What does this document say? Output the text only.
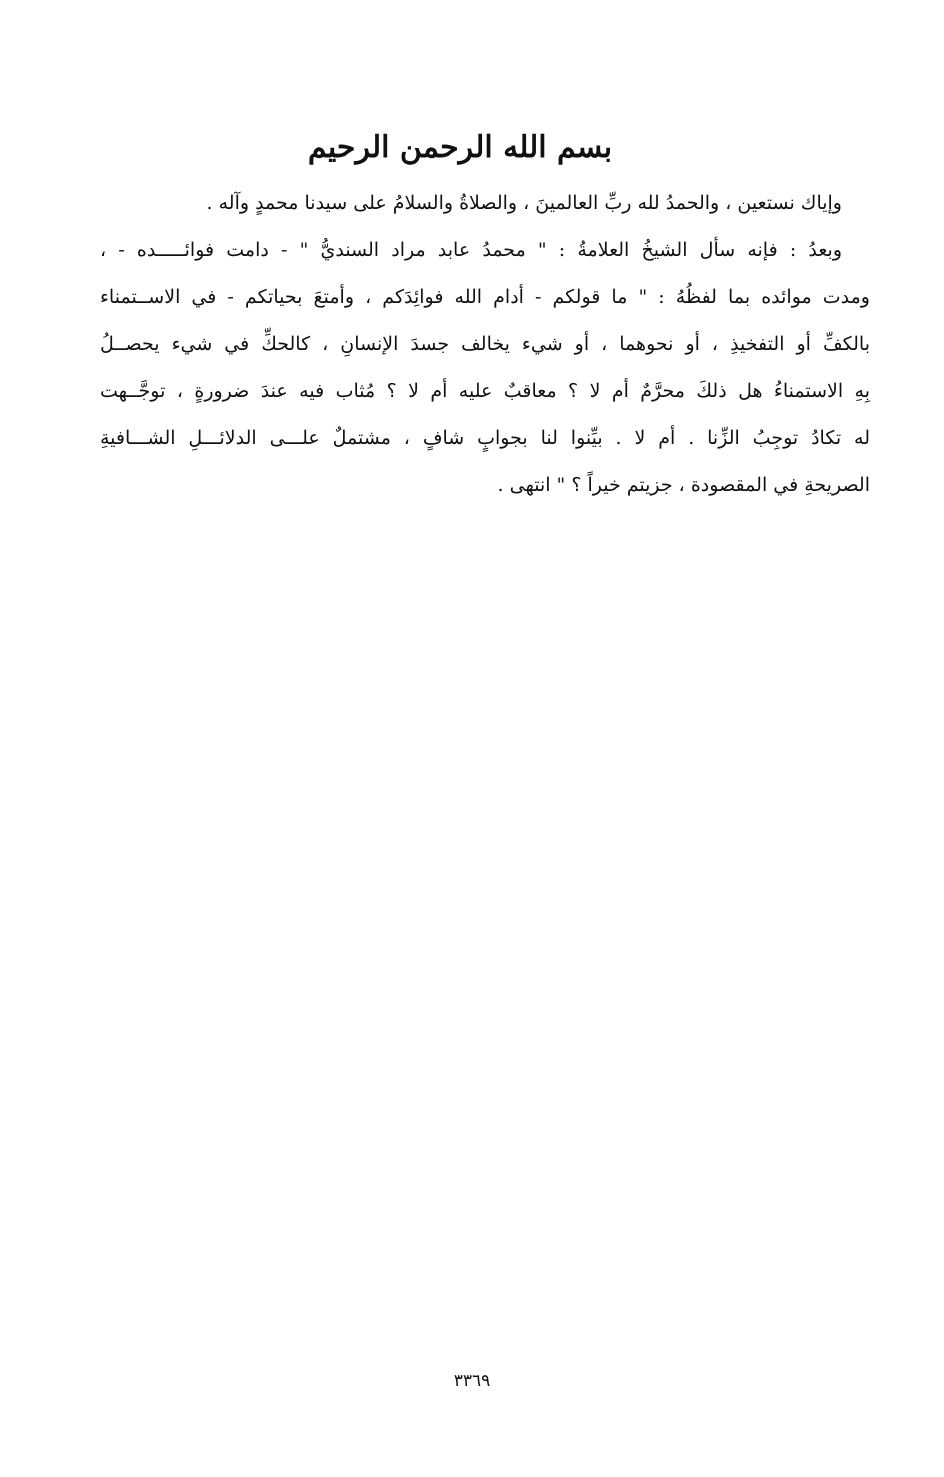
بسم الله الرحمن الرحيم
وإياك نستعين ، والحمدُ لله ربِّ العالمينَ ، والصلاةُ والسلامُ على سيدنا محمدٍ وآله .
وبعدُ : فإنه سأل الشيخُ العلامةُ : " محمدُ عابد مراد السنديُّ " - دامت فوائـــــده - ،
ومدت موائده بما لفظُهُ : " ما قولكم - أدام الله فوائِدَكم ، وأمتعَ بحياتكم - في الاســتمناء
بالكفِّ أو التفخيذِ ، أو نحوهما ، أو شيء يخالف جسدَ الإنسانِ ، كالحكِّ في شيء يحصــلُ
بِهِ الاستمناءُ هل ذلكَ محرَّمٌ أم لا ؟ معاقبٌ عليه أم لا ؟ مُثاب فيه عندَ ضرورةٍ ، توجَّــهت
له تكادُ توجِبُ الزِّنا . أم لا . بيِّنوا لنا بجوابٍ شافٍ ، مشتملٌ علـــى الدلائـــلِ الشـــافيةِ
الصريحةِ في المقصودة ، جزيتم خيراً ؟ " انتهى .
٣٣٦٩
